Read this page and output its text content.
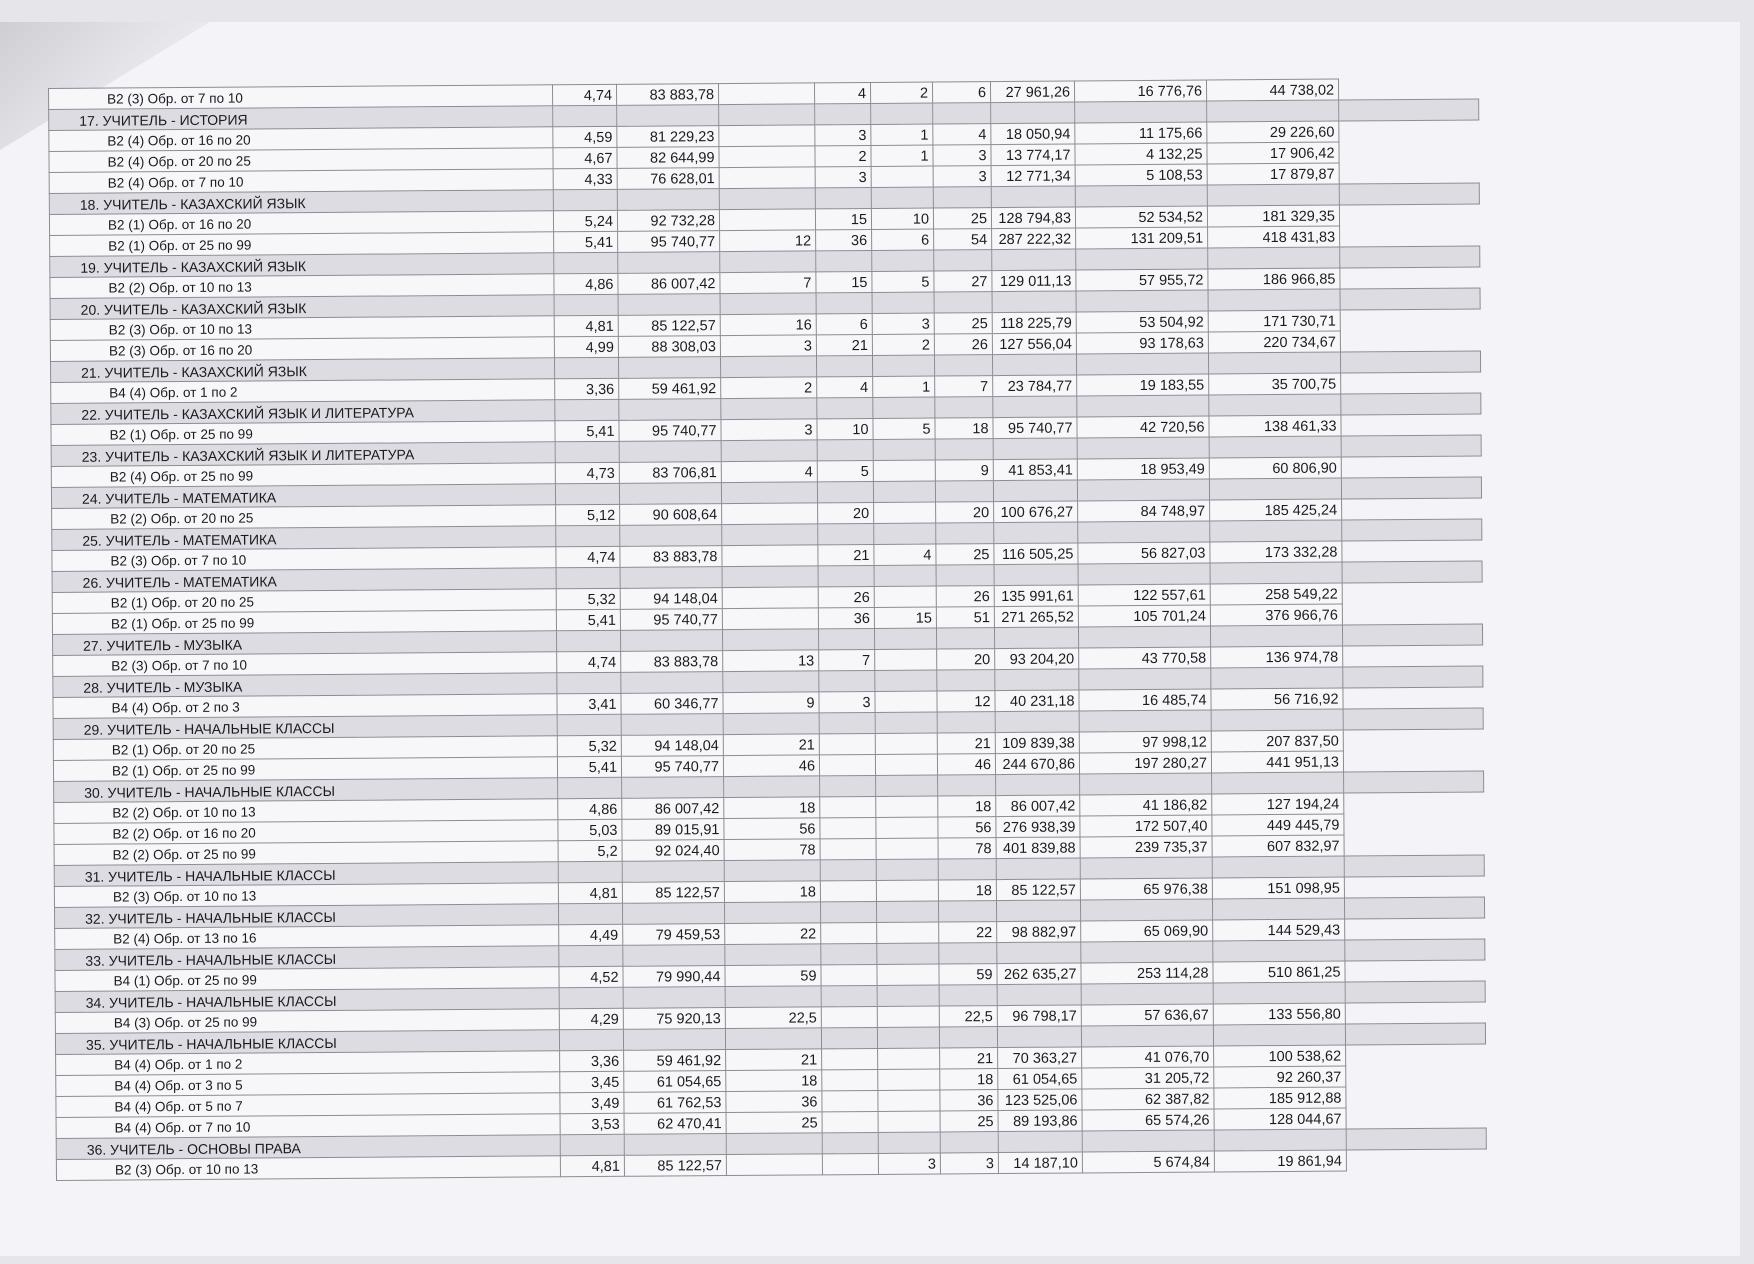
В2 (3) Обр. от 7 по 10	4,74	83 883,78		4	2	6	27 961,26	16 776,76	44 738,02	
17. УЧИТЕЛЬ - ИСТОРИЯ										
В2 (4) Обр. от 16 по 20	4,59	81 229,23		3	1	4	18 050,94	11 175,66	29 226,60	
В2 (4) Обр. от 20 по 25	4,67	82 644,99		2	1	3	13 774,17	4 132,25	17 906,42	
В2 (4) Обр. от 7 по 10	4,33	76 628,01		3		3	12 771,34	5 108,53	17 879,87	
18. УЧИТЕЛЬ - КАЗАХСКИЙ ЯЗЫК										
В2 (1) Обр. от 16 по 20	5,24	92 732,28		15	10	25	128 794,83	52 534,52	181 329,35	
В2 (1) Обр. от 25 по 99	5,41	95 740,77	12	36	6	54	287 222,32	131 209,51	418 431,83	
19. УЧИТЕЛЬ - КАЗАХСКИЙ ЯЗЫК										
В2 (2) Обр. от 10 по 13	4,86	86 007,42	7	15	5	27	129 011,13	57 955,72	186 966,85	
20. УЧИТЕЛЬ - КАЗАХСКИЙ ЯЗЫК										
В2 (3) Обр. от 10 по 13	4,81	85 122,57	16	6	3	25	118 225,79	53 504,92	171 730,71	
В2 (3) Обр. от 16 по 20	4,99	88 308,03	3	21	2	26	127 556,04	93 178,63	220 734,67	
21. УЧИТЕЛЬ - КАЗАХСКИЙ ЯЗЫК										
В4 (4) Обр. от 1 по 2	3,36	59 461,92	2	4	1	7	23 784,77	19 183,55	35 700,75	
22. УЧИТЕЛЬ - КАЗАХСКИЙ ЯЗЫК И ЛИТЕРАТУРА										
В2 (1) Обр. от 25 по 99	5,41	95 740,77	3	10	5	18	95 740,77	42 720,56	138 461,33	
23. УЧИТЕЛЬ - КАЗАХСКИЙ ЯЗЫК И ЛИТЕРАТУРА										
В2 (4) Обр. от 25 по 99	4,73	83 706,81	4	5		9	41 853,41	18 953,49	60 806,90	
24. УЧИТЕЛЬ - МАТЕМАТИКА										
В2 (2) Обр. от 20 по 25	5,12	90 608,64		20		20	100 676,27	84 748,97	185 425,24	
25. УЧИТЕЛЬ - МАТЕМАТИКА										
В2 (3) Обр. от 7 по 10	4,74	83 883,78		21	4	25	116 505,25	56 827,03	173 332,28	
26. УЧИТЕЛЬ - МАТЕМАТИКА										
В2 (1) Обр. от 20 по 25	5,32	94 148,04		26		26	135 991,61	122 557,61	258 549,22	
В2 (1) Обр. от 25 по 99	5,41	95 740,77		36	15	51	271 265,52	105 701,24	376 966,76	
27. УЧИТЕЛЬ - МУЗЫКА										
В2 (3) Обр. от 7 по 10	4,74	83 883,78	13	7		20	93 204,20	43 770,58	136 974,78	
28. УЧИТЕЛЬ - МУЗЫКА										
В4 (4) Обр. от 2 по 3	3,41	60 346,77	9	3		12	40 231,18	16 485,74	56 716,92	
29. УЧИТЕЛЬ - НАЧАЛЬНЫЕ КЛАССЫ										
В2 (1) Обр. от 20 по 25	5,32	94 148,04	21			21	109 839,38	97 998,12	207 837,50	
В2 (1) Обр. от 25 по 99	5,41	95 740,77	46			46	244 670,86	197 280,27	441 951,13	
30. УЧИТЕЛЬ - НАЧАЛЬНЫЕ КЛАССЫ										
В2 (2) Обр. от 10 по 13	4,86	86 007,42	18			18	86 007,42	41 186,82	127 194,24	
В2 (2) Обр. от 16 по 20	5,03	89 015,91	56			56	276 938,39	172 507,40	449 445,79	
В2 (2) Обр. от 25 по 99	5,2	92 024,40	78			78	401 839,88	239 735,37	607 832,97	
31. УЧИТЕЛЬ - НАЧАЛЬНЫЕ КЛАССЫ										
В2 (3) Обр. от 10 по 13	4,81	85 122,57	18			18	85 122,57	65 976,38	151 098,95	
32. УЧИТЕЛЬ - НАЧАЛЬНЫЕ КЛАССЫ										
В2 (4) Обр. от 13 по 16	4,49	79 459,53	22			22	98 882,97	65 069,90	144 529,43	
33. УЧИТЕЛЬ - НАЧАЛЬНЫЕ КЛАССЫ										
В4 (1) Обр. от 25 по 99	4,52	79 990,44	59			59	262 635,27	253 114,28	510 861,25	
34. УЧИТЕЛЬ - НАЧАЛЬНЫЕ КЛАССЫ										
В4 (3) Обр. от 25 по 99	4,29	75 920,13	22,5			22,5	96 798,17	57 636,67	133 556,80	
35. УЧИТЕЛЬ - НАЧАЛЬНЫЕ КЛАССЫ										
В4 (4) Обр. от 1 по 2	3,36	59 461,92	21			21	70 363,27	41 076,70	100 538,62	
В4 (4) Обр. от 3 по 5	3,45	61 054,65	18			18	61 054,65	31 205,72	92 260,37	
В4 (4) Обр. от 5 по 7	3,49	61 762,53	36			36	123 525,06	62 387,82	185 912,88	
В4 (4) Обр. от 7 по 10	3,53	62 470,41	25			25	89 193,86	65 574,26	128 044,67	
36. УЧИТЕЛЬ - ОСНОВЫ ПРАВА										
В2 (3) Обр. от 10 по 13	4,81	85 122,57			3	3	14 187,10	5 674,84	19 861,94	
